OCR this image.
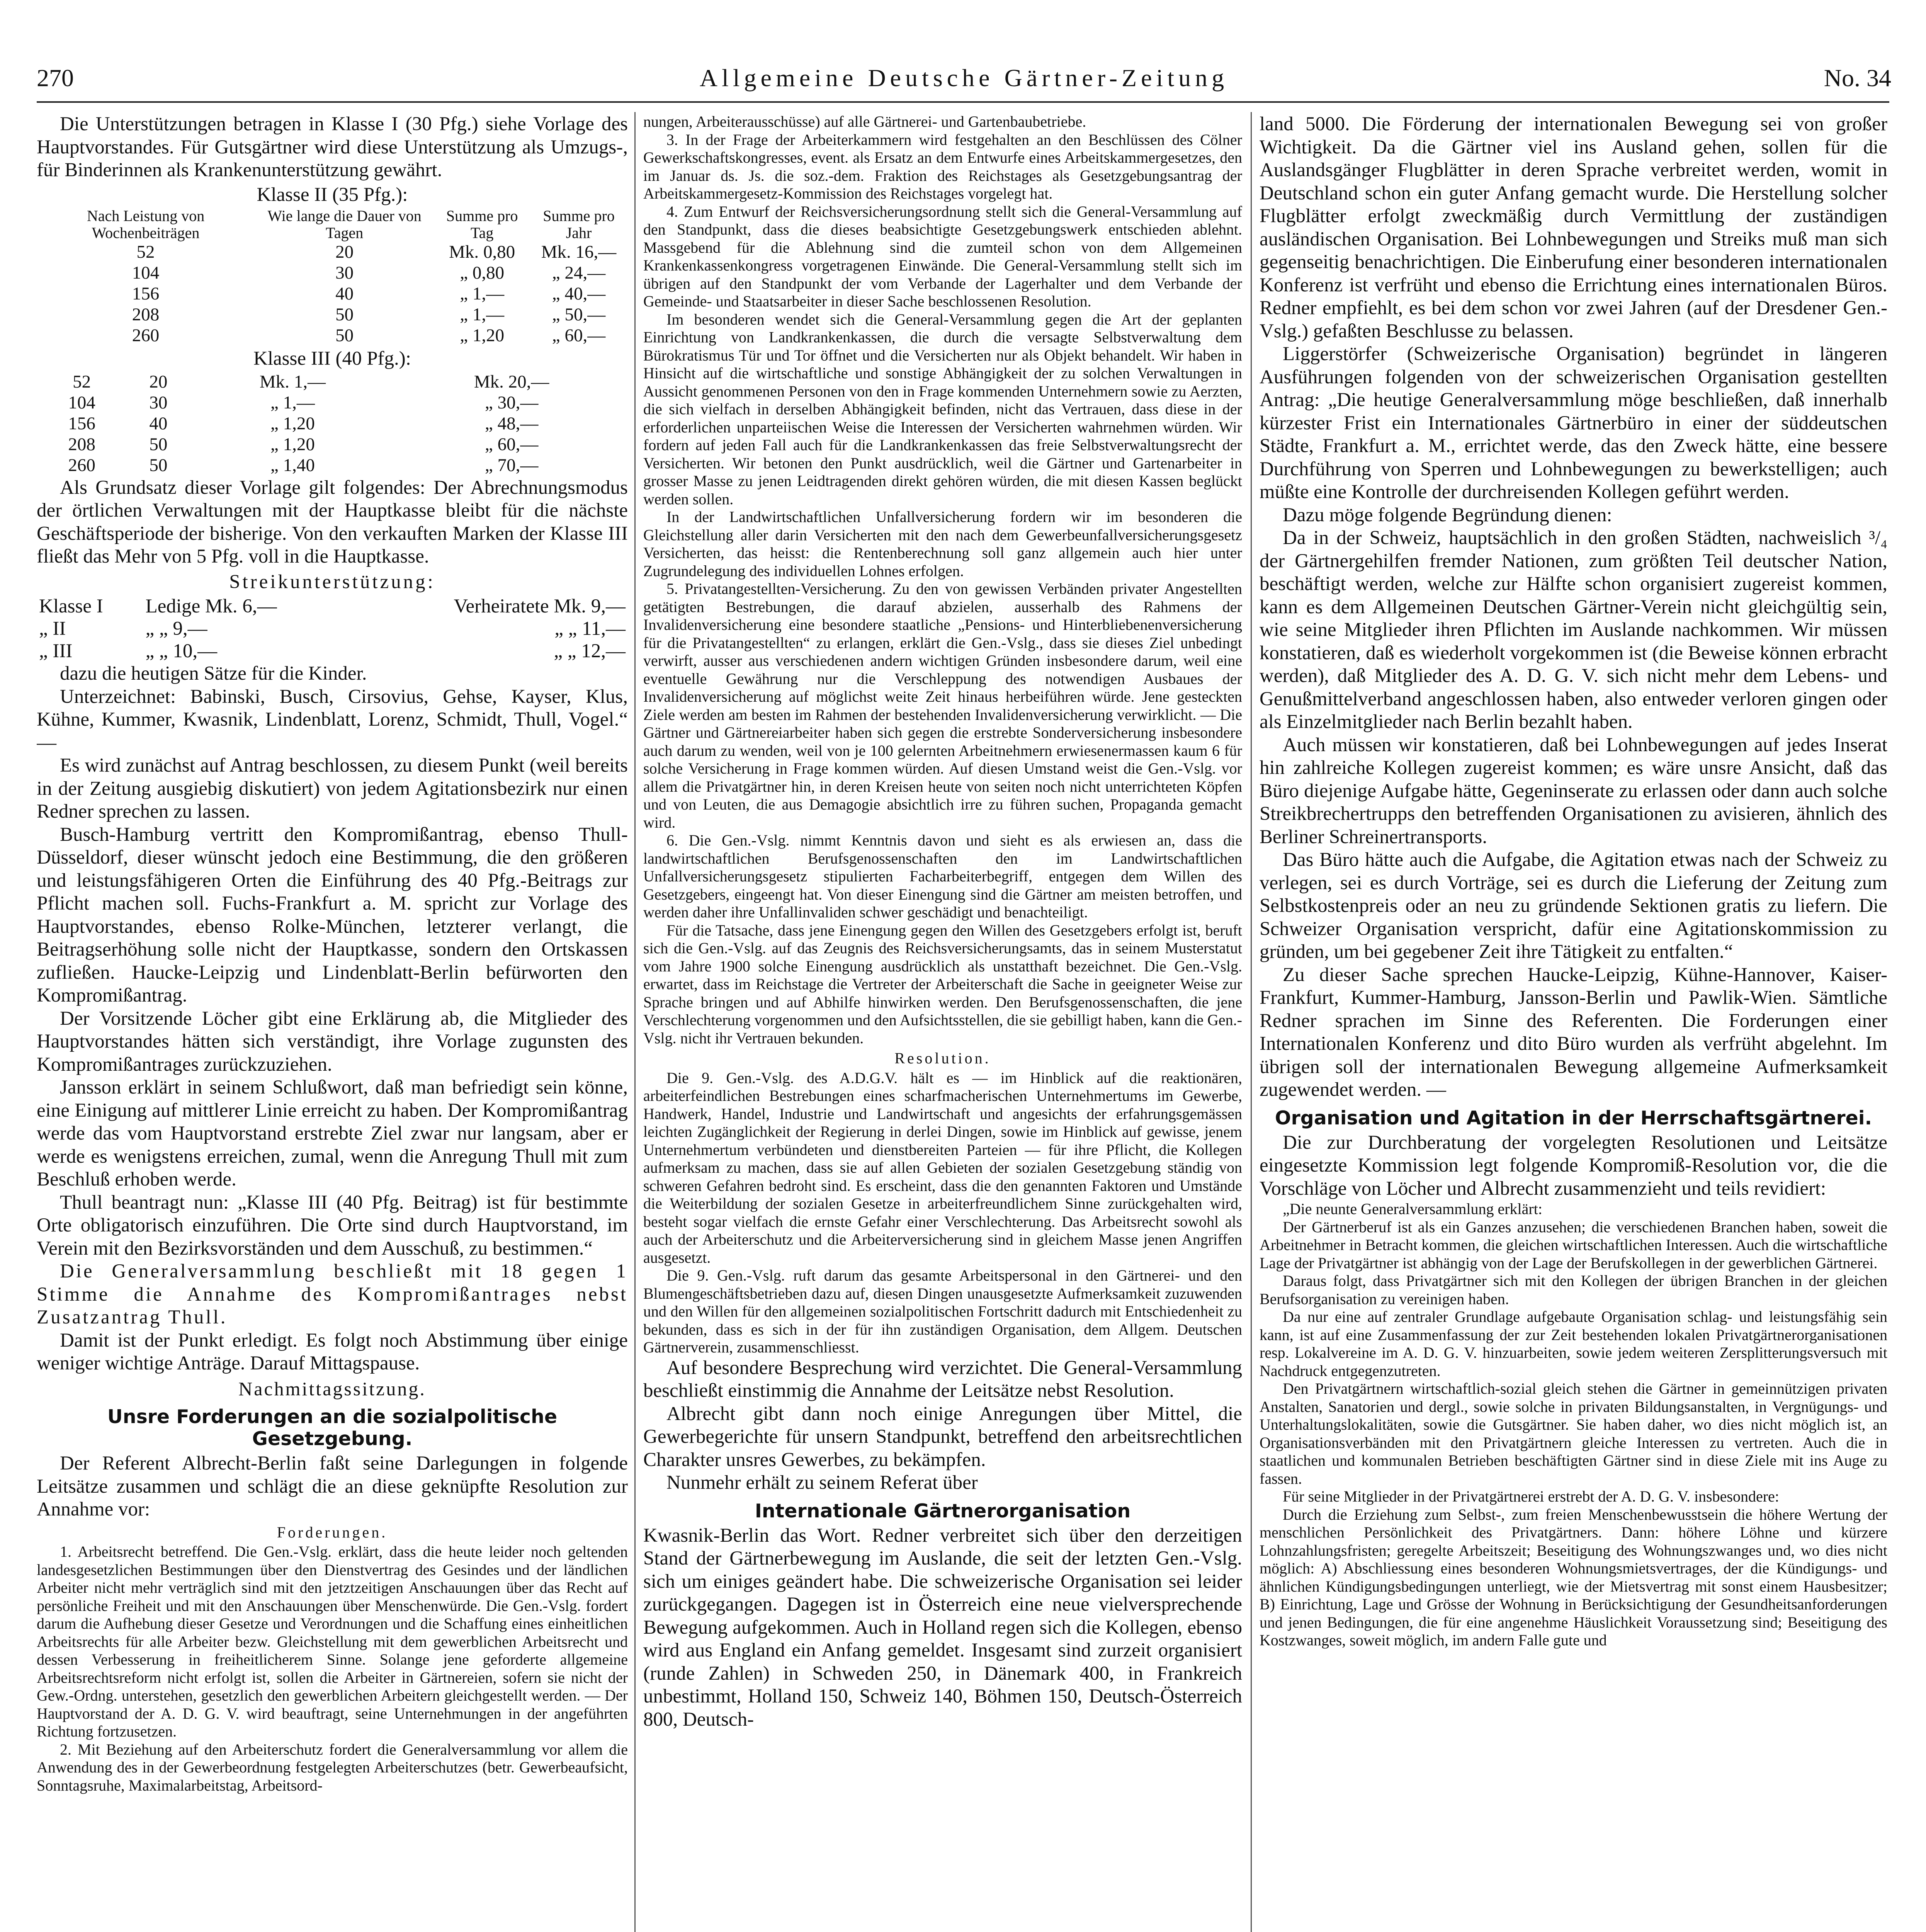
270	Allgemeine Deutsche Gärtner-Zeitung	No. 34

Die Unterstützungen betragen in Klasse I (30 Pfg.) siehe Vorlage des Hauptvorstandes. Für Gutsgärtner wird diese Unterstützung als Umzugs-, für Binderinnen als Krankenunterstützung gewährt.

Klasse II (35 Pfg.):
Nach Leistung von Wochenbeiträgen	Wie lange die Dauer von Tagen	Summe pro Tag	Summe pro Jahr
52	20	Mk. 0,80	Mk. 16,—
104	30	„ 0,80	„ 24,—
156	40	„ 1,—	„ 40,—
208	50	„ 1,—	„ 50,—
260	50	„ 1,20	„ 60,—
Klasse III (40 Pfg.):
52	20	Mk. 1,—	Mk. 20,—
104	30	„ 1,—	„ 30,—
156	40	„ 1,20	„ 48,—
208	50	„ 1,20	„ 60,—
260	50	„ 1,40	„ 70,—

Als Grundsatz dieser Vorlage gilt folgendes: Der Abrechnungsmodus der örtlichen Verwaltungen mit der Hauptkasse bleibt für die nächste Geschäftsperiode der bisherige. Von den verkauften Marken der Klasse III fließt das Mehr von 5 Pfg. voll in die Hauptkasse.

Streikunterstützung:

Klasse I	Ledige Mk. 6,—	Verheiratete Mk. 9,—
„ II	„ „ 9,—	„ „ 11,—
„ III	„ „ 10,—	„ „ 12,—

dazu die heutigen Sätze für die Kinder.

Unterzeichnet: Babinski, Busch, Cirsovius, Gehse, Kayser, Klus, Kühne, Kummer, Kwasnik, Lindenblatt, Lorenz, Schmidt, Thull, Vogel.“ —

Es wird zunächst auf Antrag beschlossen, zu diesem Punkt (weil bereits in der Zeitung ausgiebig diskutiert) von jedem Agitationsbezirk nur einen Redner sprechen zu lassen.

Busch-Hamburg vertritt den Kompromißantrag, ebenso Thull-Düsseldorf, dieser wünscht jedoch eine Bestimmung, die den größeren und leistungsfähigeren Orten die Einführung des 40 Pfg.-Beitrags zur Pflicht machen soll. Fuchs-Frankfurt a. M. spricht zur Vorlage des Hauptvorstandes, ebenso Rolke-München, letzterer verlangt, die Beitragserhöhung solle nicht der Hauptkasse, sondern den Ortskassen zufließen. Haucke-Leipzig und Lindenblatt-Berlin befürworten den Kompromißantrag.

Der Vorsitzende Löcher gibt eine Erklärung ab, die Mitglieder des Hauptvorstandes hätten sich verständigt, ihre Vorlage zugunsten des Kompromißantrages zurückzuziehen.

Jansson erklärt in seinem Schlußwort, daß man befriedigt sein könne, eine Einigung auf mittlerer Linie erreicht zu haben. Der Kompromißantrag werde das vom Hauptvorstand erstrebte Ziel zwar nur langsam, aber er werde es wenigstens erreichen, zumal, wenn die Anregung Thull mit zum Beschluß erhoben werde.

Thull beantragt nun: „Klasse III (40 Pfg. Beitrag) ist für bestimmte Orte obligatorisch einzuführen. Die Orte sind durch Hauptvorstand, im Verein mit den Bezirksvorständen und dem Ausschuß, zu bestimmen.“

Die Generalversammlung beschließt mit 18 gegen 1 Stimme die Annahme des Kompromißantrages nebst Zusatzantrag Thull.

Damit ist der Punkt erledigt. Es folgt noch Abstimmung über einige weniger wichtige Anträge. Darauf Mittagspause.

Nachmittagssitzung.

Unsre Forderungen an die sozialpolitische Gesetzgebung.

Der Referent Albrecht-Berlin faßt seine Darlegungen in folgende Leitsätze zusammen und schlägt die an diese geknüpfte Resolution zur Annahme vor:

Forderungen.

1. Arbeitsrecht betreffend. Die Gen.-Vslg. erklärt, dass die heute leider noch geltenden landesgesetzlichen Bestimmungen über den Dienstvertrag des Gesindes und der ländlichen Arbeiter nicht mehr verträglich sind mit den jetztzeitigen Anschauungen über das Recht auf persönliche Freiheit und mit den Anschauungen über Menschenwürde. Die Gen.-Vslg. fordert darum die Aufhebung dieser Gesetze und Verordnungen und die Schaffung eines einheitlichen Arbeitsrechts für alle Arbeiter bezw. Gleichstellung mit dem gewerblichen Arbeitsrecht und dessen Verbesserung in freiheitlicherem Sinne. Solange jene geforderte allgemeine Arbeitsrechtsreform nicht erfolgt ist, sollen die Arbeiter in Gärtnereien, sofern sie nicht der Gew.-Ordng. unterstehen, gesetzlich den gewerblichen Arbeitern gleichgestellt werden. — Der Hauptvorstand der A. D. G. V. wird beauftragt, seine Unternehmungen in der angeführten Richtung fortzusetzen.

2. Mit Beziehung auf den Arbeiterschutz fordert die Generalversammlung vor allem die Anwendung des in der Gewerbeordnung festgelegten Arbeiterschutzes (betr. Gewerbeaufsicht, Sonntagsruhe, Maximalarbeitstag, Arbeitsord-

nungen, Arbeiterausschüsse) auf alle Gärtnerei- und Gartenbaubetriebe.

3. In der Frage der Arbeiterkammern wird festgehalten an den Beschlüssen des Cölner Gewerkschaftskongresses, event. als Ersatz an dem Entwurfe eines Arbeitskammergesetzes, den im Januar ds. Js. die soz.-dem. Fraktion des Reichstages als Gesetzgebungsantrag der Arbeitskammergesetz-Kommission des Reichstages vorgelegt hat.

4. Zum Entwurf der Reichsversicherungsordnung stellt sich die General-Versammlung auf den Standpunkt, dass die dieses beabsichtigte Gesetzgebungswerk entschieden ablehnt. Massgebend für die Ablehnung sind die zumteil schon von dem Allgemeinen Krankenkassenkongress vorgetragenen Einwände. Die General-Versammlung stellt sich im übrigen auf den Standpunkt der vom Verbande der Lagerhalter und dem Verbande der Gemeinde- und Staatsarbeiter in dieser Sache beschlossenen Resolution.

Im besonderen wendet sich die General-Versammlung gegen die Art der geplanten Einrichtung von Landkrankenkassen, die durch die versagte Selbstverwaltung dem Bürokratismus Tür und Tor öffnet und die Versicherten nur als Objekt behandelt. Wir haben in Hinsicht auf die wirtschaftliche und sonstige Abhängigkeit der zu solchen Verwaltungen in Aussicht genommenen Personen von den in Frage kommenden Unternehmern sowie zu Aerzten, die sich vielfach in derselben Abhängigkeit befinden, nicht das Vertrauen, dass diese in der erforderlichen unparteiischen Weise die Interessen der Versicherten wahrnehmen würden. Wir fordern auf jeden Fall auch für die Landkrankenkassen das freie Selbstverwaltungsrecht der Versicherten. Wir betonen den Punkt ausdrücklich, weil die Gärtner und Gartenarbeiter in grosser Masse zu jenen Leidtragenden direkt gehören würden, die mit diesen Kassen beglückt werden sollen.

In der Landwirtschaftlichen Unfallversicherung fordern wir im besonderen die Gleichstellung aller darin Versicherten mit den nach dem Gewerbeunfallversicherungsgesetz Versicherten, das heisst: die Rentenberechnung soll ganz allgemein auch hier unter Zugrundelegung des individuellen Lohnes erfolgen.

5. Privatangestellten-Versicherung. Zu den von gewissen Verbänden privater Angestellten getätigten Bestrebungen, die darauf abzielen, ausserhalb des Rahmens der Invalidenversicherung eine besondere staatliche „Pensions- und Hinterbliebenenversicherung für die Privatangestellten“ zu erlangen, erklärt die Gen.-Vslg., dass sie dieses Ziel unbedingt verwirft, ausser aus verschiedenen andern wichtigen Gründen insbesondere darum, weil eine eventuelle Gewährung nur die Verschleppung des notwendigen Ausbaues der Invalidenversicherung auf möglichst weite Zeit hinaus herbeiführen würde. Jene gesteckten Ziele werden am besten im Rahmen der bestehenden Invalidenversicherung verwirklicht. — Die Gärtner und Gärtnereiarbeiter haben sich gegen die erstrebte Sonderversicherung insbesondere auch darum zu wenden, weil von je 100 gelernten Arbeitnehmern erwiesenermassen kaum 6 für solche Versicherung in Frage kommen würden. Auf diesen Umstand weist die Gen.-Vslg. vor allem die Privatgärtner hin, in deren Kreisen heute von seiten noch nicht unterrichteten Köpfen und von Leuten, die aus Demagogie absichtlich irre zu führen suchen, Propaganda gemacht wird.

6. Die Gen.-Vslg. nimmt Kenntnis davon und sieht es als erwiesen an, dass die landwirtschaftlichen Berufsgenossenschaften den im Landwirtschaftlichen Unfallversicherungsgesetz stipulierten Facharbeiterbegriff, entgegen dem Willen des Gesetzgebers, eingeengt hat. Von dieser Einengung sind die Gärtner am meisten betroffen, und werden daher ihre Unfallinvaliden schwer geschädigt und benachteiligt.

Für die Tatsache, dass jene Einengung gegen den Willen des Gesetzgebers erfolgt ist, beruft sich die Gen.-Vslg. auf das Zeugnis des Reichsversicherungsamts, das in seinem Musterstatut vom Jahre 1900 solche Einengung ausdrücklich als unstatthaft bezeichnet. Die Gen.-Vslg. erwartet, dass im Reichstage die Vertreter der Arbeiterschaft die Sache in geeigneter Weise zur Sprache bringen und auf Abhilfe hinwirken werden. Den Berufsgenossenschaften, die jene Verschlechterung vorgenommen und den Aufsichtsstellen, die sie gebilligt haben, kann die Gen.-Vslg. nicht ihr Vertrauen bekunden.

Resolution.

Die 9. Gen.-Vslg. des A.D.G.V. hält es — im Hinblick auf die reaktionären, arbeiterfeindlichen Bestrebungen eines scharfmacherischen Unternehmertums im Gewerbe, Handwerk, Handel, Industrie und Landwirtschaft und angesichts der erfahrungsgemässen leichten Zugänglichkeit der Regierung in derlei Dingen, sowie im Hinblick auf gewisse, jenem Unternehmertum verbündeten und dienstbereiten Parteien — für ihre Pflicht, die Kollegen aufmerksam zu machen, dass sie auf allen Gebieten der sozialen Gesetzgebung ständig von schweren Gefahren bedroht sind. Es erscheint, dass die den genannten Faktoren und Umstände die Weiterbildung der sozialen Gesetze in arbeiterfreundlichem Sinne zurückgehalten wird, besteht sogar vielfach die ernste Gefahr einer Verschlechterung. Das Arbeitsrecht sowohl als auch der Arbeiterschutz und die Arbeiterversicherung sind in gleichem Masse jenen Angriffen ausgesetzt.

Die 9. Gen.-Vslg. ruft darum das gesamte Arbeitspersonal in den Gärtnerei- und den Blumengeschäftsbetrieben dazu auf, diesen Dingen unausgesetzte Aufmerksamkeit zuzuwenden und den Willen für den allgemeinen sozialpolitischen Fortschritt dadurch mit Entschiedenheit zu bekunden, dass es sich in der für ihn zuständigen Organisation, dem Allgem. Deutschen Gärtnerverein, zusammenschliesst.

Auf besondere Besprechung wird verzichtet. Die General-Versammlung beschließt einstimmig die Annahme der Leitsätze nebst Resolution.

Albrecht gibt dann noch einige Anregungen über Mittel, die Gewerbegerichte für unsern Standpunkt, betreffend den arbeitsrechtlichen Charakter unsres Gewerbes, zu bekämpfen.

Nunmehr erhält zu seinem Referat über

Internationale Gärtnerorganisation

Kwasnik-Berlin das Wort. Redner verbreitet sich über den derzeitigen Stand der Gärtnerbewegung im Auslande, die seit der letzten Gen.-Vslg. sich um einiges geändert habe. Die schweizerische Organisation sei leider zurückgegangen. Dagegen ist in Österreich eine neue vielversprechende Bewegung aufgekommen. Auch in Holland regen sich die Kollegen, ebenso wird aus England ein Anfang gemeldet. Insgesamt sind zurzeit organisiert (runde Zahlen) in Schweden 250, in Dänemark 400, in Frankreich unbestimmt, Holland 150, Schweiz 140, Böhmen 150, Deutsch-Österreich 800, Deutsch-

land 5000. Die Förderung der internationalen Bewegung sei von großer Wichtigkeit. Da die Gärtner viel ins Ausland gehen, sollen für die Auslandsgänger Flugblätter in deren Sprache verbreitet werden, womit in Deutschland schon ein guter Anfang gemacht wurde. Die Herstellung solcher Flugblätter erfolgt zweckmäßig durch Vermittlung der zuständigen ausländischen Organisation. Bei Lohnbewegungen und Streiks muß man sich gegenseitig benachrichtigen. Die Einberufung einer besonderen internationalen Konferenz ist verfrüht und ebenso die Errichtung eines internationalen Büros. Redner empfiehlt, es bei dem schon vor zwei Jahren (auf der Dresdener Gen.-Vslg.) gefaßten Beschlusse zu belassen.

Liggerstörfer (Schweizerische Organisation) begründet in längeren Ausführungen folgenden von der schweizerischen Organisation gestellten Antrag: „Die heutige Generalversammlung möge beschließen, daß innerhalb kürzester Frist ein Internationales Gärtnerbüro in einer der süddeutschen Städte, Frankfurt a. M., errichtet werde, das den Zweck hätte, eine bessere Durchführung von Sperren und Lohnbewegungen zu bewerkstelligen; auch müßte eine Kontrolle der durchreisenden Kollegen geführt werden.

Dazu möge folgende Begründung dienen:

Da in der Schweiz, hauptsächlich in den großen Städten, nachweislich ³/₄ der Gärtnergehilfen fremder Nationen, zum größten Teil deutscher Nation, beschäftigt werden, welche zur Hälfte schon organisiert zugereist kommen, kann es dem Allgemeinen Deutschen Gärtner-Verein nicht gleichgültig sein, wie seine Mitglieder ihren Pflichten im Auslande nachkommen. Wir müssen konstatieren, daß es wiederholt vorgekommen ist (die Beweise können erbracht werden), daß Mitglieder des A. D. G. V. sich nicht mehr dem Lebens- und Genußmittelverband angeschlossen haben, also entweder verloren gingen oder als Einzelmitglieder nach Berlin bezahlt haben.

Auch müssen wir konstatieren, daß bei Lohnbewegungen auf jedes Inserat hin zahlreiche Kollegen zugereist kommen; es wäre unsre Ansicht, daß das Büro diejenige Aufgabe hätte, Gegeninserate zu erlassen oder dann auch solche Streikbrechertrupps den betreffenden Organisationen zu avisieren, ähnlich des Berliner Schreinertransports.

Das Büro hätte auch die Aufgabe, die Agitation etwas nach der Schweiz zu verlegen, sei es durch Vorträge, sei es durch die Lieferung der Zeitung zum Selbstkostenpreis oder an neu zu gründende Sektionen gratis zu liefern. Die Schweizer Organisation verspricht, dafür eine Agitationskommission zu gründen, um bei gegebener Zeit ihre Tätigkeit zu entfalten.“

Zu dieser Sache sprechen Haucke-Leipzig, Kühne-Hannover, Kaiser-Frankfurt, Kummer-Hamburg, Jansson-Berlin und Pawlik-Wien. Sämtliche Redner sprachen im Sinne des Referenten. Die Forderungen einer Internationalen Konferenz und dito Büro wurden als verfrüht abgelehnt. Im übrigen soll der internationalen Bewegung allgemeine Aufmerksamkeit zugewendet werden. —

Organisation und Agitation in der Herrschaftsgärtnerei.

Die zur Durchberatung der vorgelegten Resolutionen und Leitsätze eingesetzte Kommission legt folgende Kompromiß-Resolution vor, die die Vorschläge von Löcher und Albrecht zusammenzieht und teils revidiert:

„Die neunte Generalversammlung erklärt:

Der Gärtnerberuf ist als ein Ganzes anzusehen; die verschiedenen Branchen haben, soweit die Arbeitnehmer in Betracht kommen, die gleichen wirtschaftlichen Interessen. Auch die wirtschaftliche Lage der Privatgärtner ist abhängig von der Lage der Berufskollegen in der gewerblichen Gärtnerei.

Daraus folgt, dass Privatgärtner sich mit den Kollegen der übrigen Branchen in der gleichen Berufsorganisation zu vereinigen haben.

Da nur eine auf zentraler Grundlage aufgebaute Organisation schlag- und leistungsfähig sein kann, ist auf eine Zusammenfassung der zur Zeit bestehenden lokalen Privatgärtnerorganisationen resp. Lokalvereine im A. D. G. V. hinzuarbeiten, sowie jedem weiteren Zersplitterungsversuch mit Nachdruck entgegenzutreten.

Den Privatgärtnern wirtschaftlich-sozial gleich stehen die Gärtner in gemeinnützigen privaten Anstalten, Sanatorien und dergl., sowie solche in privaten Bildungsanstalten, in Vergnügungs- und Unterhaltungslokalitäten, sowie die Gutsgärtner. Sie haben daher, wo dies nicht möglich ist, an Organisationsverbänden mit den Privatgärtnern gleiche Interessen zu vertreten. Auch die in staatlichen und kommunalen Betrieben beschäftigten Gärtner sind in diese Ziele mit ins Auge zu fassen.

Für seine Mitglieder in der Privatgärtnerei erstrebt der A. D. G. V. insbesondere:

Durch die Erziehung zum Selbst-, zum freien Menschenbewusstsein die höhere Wertung der menschlichen Persönlichkeit des Privatgärtners. Dann: höhere Löhne und kürzere Lohnzahlungsfristen; geregelte Arbeitszeit; Beseitigung des Wohnungszwanges und, wo dies nicht möglich: A) Abschliessung eines besonderen Wohnungsmietsvertrages, der die Kündigungs- und ähnlichen Kündigungsbedingungen unterliegt, wie der Mietsvertrag mit sonst einem Hausbesitzer; B) Einrichtung, Lage und Grösse der Wohnung in Berücksichtigung der Gesundheitsanforderungen und jenen Bedingungen, die für eine angenehme Häuslichkeit Voraussetzung sind; Beseitigung des Kostzwanges, soweit möglich, im andern Falle gute und
